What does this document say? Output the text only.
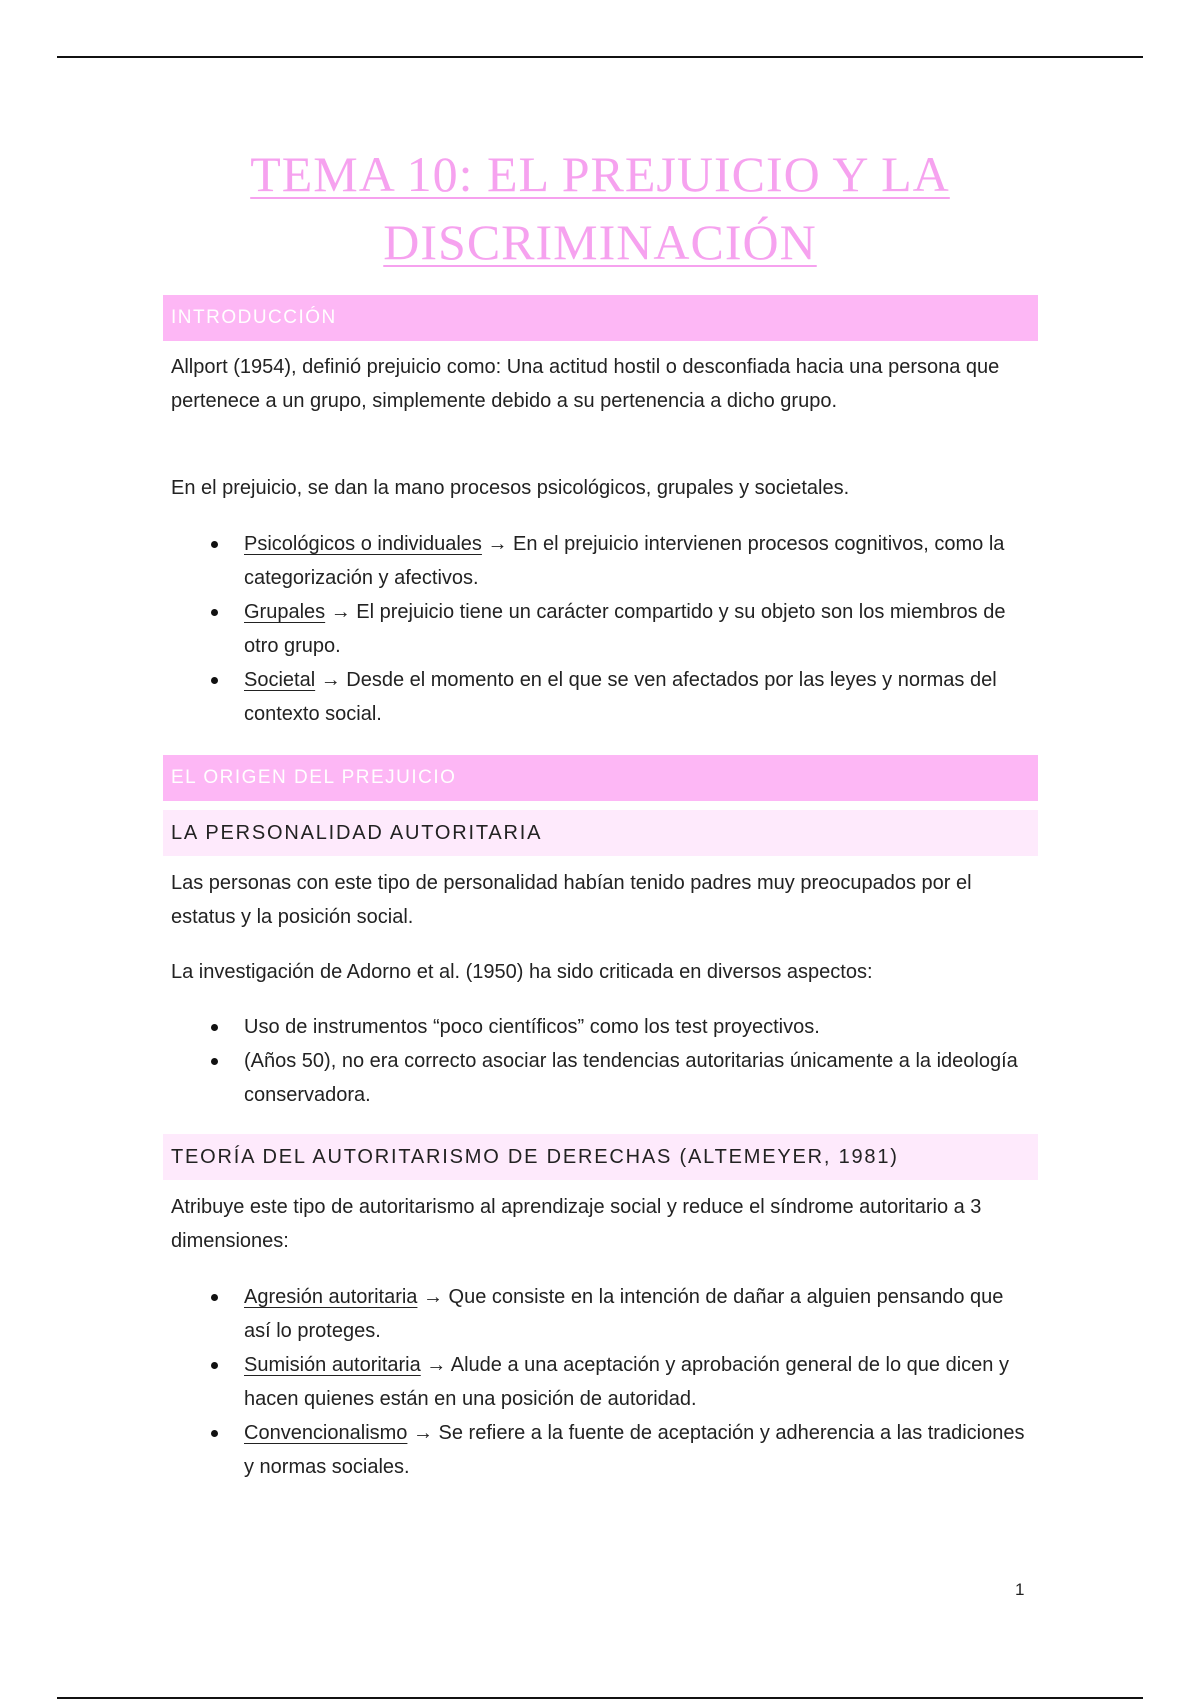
TEMA 10: EL PREJUICIO Y LA
DISCRIMINACIÓN
INTRODUCCIÓN

Allport (1954), definió prejuicio como: Una actitud hostil o desconfiada hacia una persona que pertenece a un grupo, simplemente debido a su pertenencia a dicho grupo.

En el prejuicio, se dan la mano procesos psicológicos, grupales y societales.

Psicológicos o individuales → En el prejuicio intervienen procesos cognitivos, como la categorización y afectivos.
Grupales → El prejuicio tiene un carácter compartido y su objeto son los miembros de otro grupo.
Societal → Desde el momento en el que se ven afectados por las leyes y normas del contexto social.
EL ORIGEN DEL PREJUICIO
LA PERSONALIDAD AUTORITARIA

Las personas con este tipo de personalidad habían tenido padres muy preocupados por el estatus y la posición social.

La investigación de Adorno et al. (1950) ha sido criticada en diversos aspectos:

Uso de instrumentos “poco científicos” como los test proyectivos.
(Años 50), no era correcto asociar las tendencias autoritarias únicamente a la ideología conservadora.
TEORÍA DEL AUTORITARISMO DE DERECHAS (ALTEMEYER, 1981)

Atribuye este tipo de autoritarismo al aprendizaje social y reduce el síndrome autoritario a 3 dimensiones:

Agresión autoritaria → Que consiste en la intención de dañar a alguien pensando que así lo proteges.
Sumisión autoritaria → Alude a una aceptación y aprobación general de lo que dicen y hacen quienes están en una posición de autoridad.
Convencionalismo → Se refiere a la fuente de aceptación y adherencia a las tradiciones y normas sociales.
1
